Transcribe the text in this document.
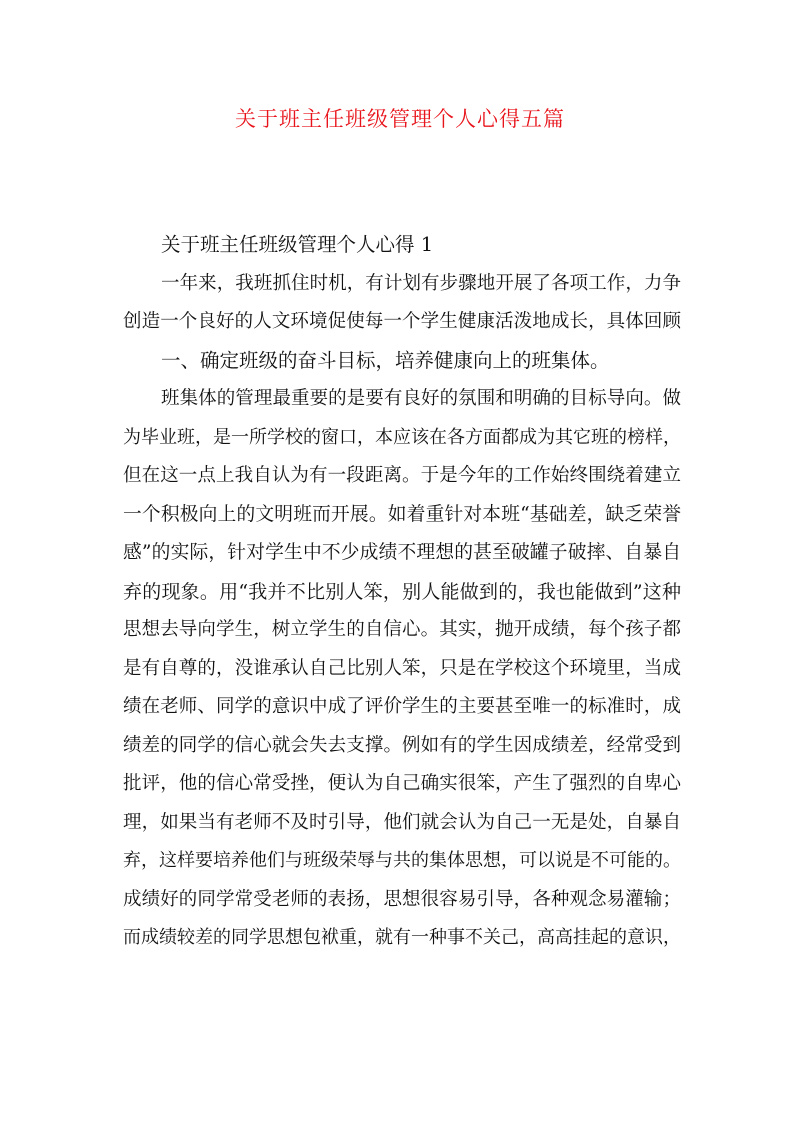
关于班主任班级管理个人心得五篇
关于班主任班级管理个人心得 1
一年来，我班抓住时机，有计划有步骤地开展了各项工作，力争
创造一个良好的人文环境促使每一个学生健康活泼地成长，具体回顾
一、确定班级的奋斗目标，培养健康向上的班集体。
班集体的管理最重要的是要有良好的氛围和明确的目标导向。做
为毕业班，是一所学校的窗口，本应该在各方面都成为其它班的榜样，
但在这一点上我自认为有一段距离。于是今年的工作始终围绕着建立
一个积极向上的文明班而开展。如着重针对本班“基础差，缺乏荣誉
感”的实际，针对学生中不少成绩不理想的甚至破罐子破摔、自暴自
弃的现象。用“我并不比别人笨，别人能做到的，我也能做到”这种
思想去导向学生，树立学生的自信心。其实，抛开成绩，每个孩子都
是有自尊的，没谁承认自己比别人笨，只是在学校这个环境里，当成
绩在老师、同学的意识中成了评价学生的主要甚至唯一的标准时，成
绩差的同学的信心就会失去支撑。例如有的学生因成绩差，经常受到
批评，他的信心常受挫，便认为自己确实很笨，产生了强烈的自卑心
理，如果当有老师不及时引导，他们就会认为自己一无是处，自暴自
弃，这样要培养他们与班级荣辱与共的集体思想，可以说是不可能的。
成绩好的同学常受老师的表扬，思想很容易引导，各种观念易灌输；
而成绩较差的同学思想包袱重，就有一种事不关己，高高挂起的意识，
